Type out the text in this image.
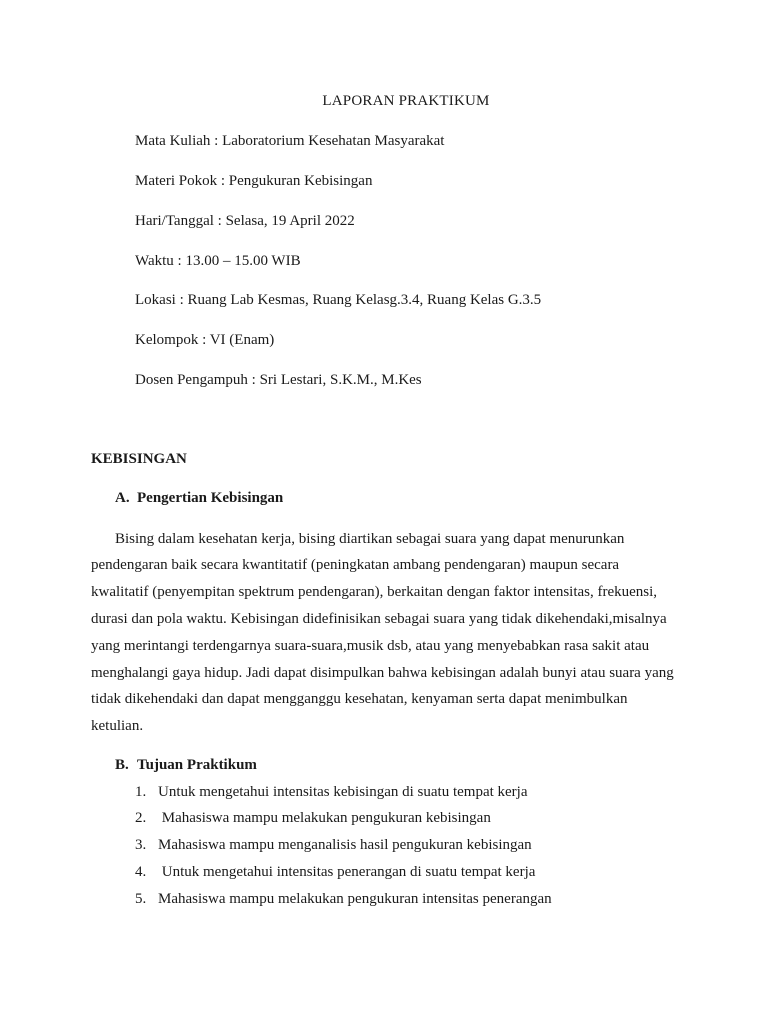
LAPORAN PRAKTIKUM
Mata Kuliah : Laboratorium Kesehatan Masyarakat
Materi Pokok : Pengukuran Kebisingan
Hari/Tanggal : Selasa, 19 April 2022
Waktu : 13.00 – 15.00 WIB
Lokasi : Ruang Lab Kesmas, Ruang Kelasg.3.4, Ruang Kelas G.3.5
Kelompok : VI (Enam)
Dosen Pengampuh : Sri Lestari, S.K.M., M.Kes
KEBISINGAN
A. Pengertian Kebisingan
Bising dalam kesehatan kerja, bising diartikan sebagai suara yang dapat menurunkan
pendengaran baik secara kwantitatif (peningkatan ambang pendengaran) maupun secara
kwalitatif (penyempitan spektrum pendengaran), berkaitan dengan faktor intensitas, frekuensi,
durasi dan pola waktu. Kebisingan didefinisikan sebagai suara yang tidak dikehendaki,misalnya
yang merintangi terdengarnya suara-suara,musik dsb, atau yang menyebabkan rasa sakit atau
menghalangi gaya hidup. Jadi dapat disimpulkan bahwa kebisingan adalah bunyi atau suara yang
tidak dikehendaki dan dapat mengganggu kesehatan, kenyaman serta dapat menimbulkan
ketulian.
B. Tujuan Praktikum
1. Untuk mengetahui intensitas kebisingan di suatu tempat kerja
2. Mahasiswa mampu melakukan pengukuran kebisingan
3. Mahasiswa mampu menganalisis hasil pengukuran kebisingan
4. Untuk mengetahui intensitas penerangan di suatu tempat kerja
5. Mahasiswa mampu melakukan pengukuran intensitas penerangan
